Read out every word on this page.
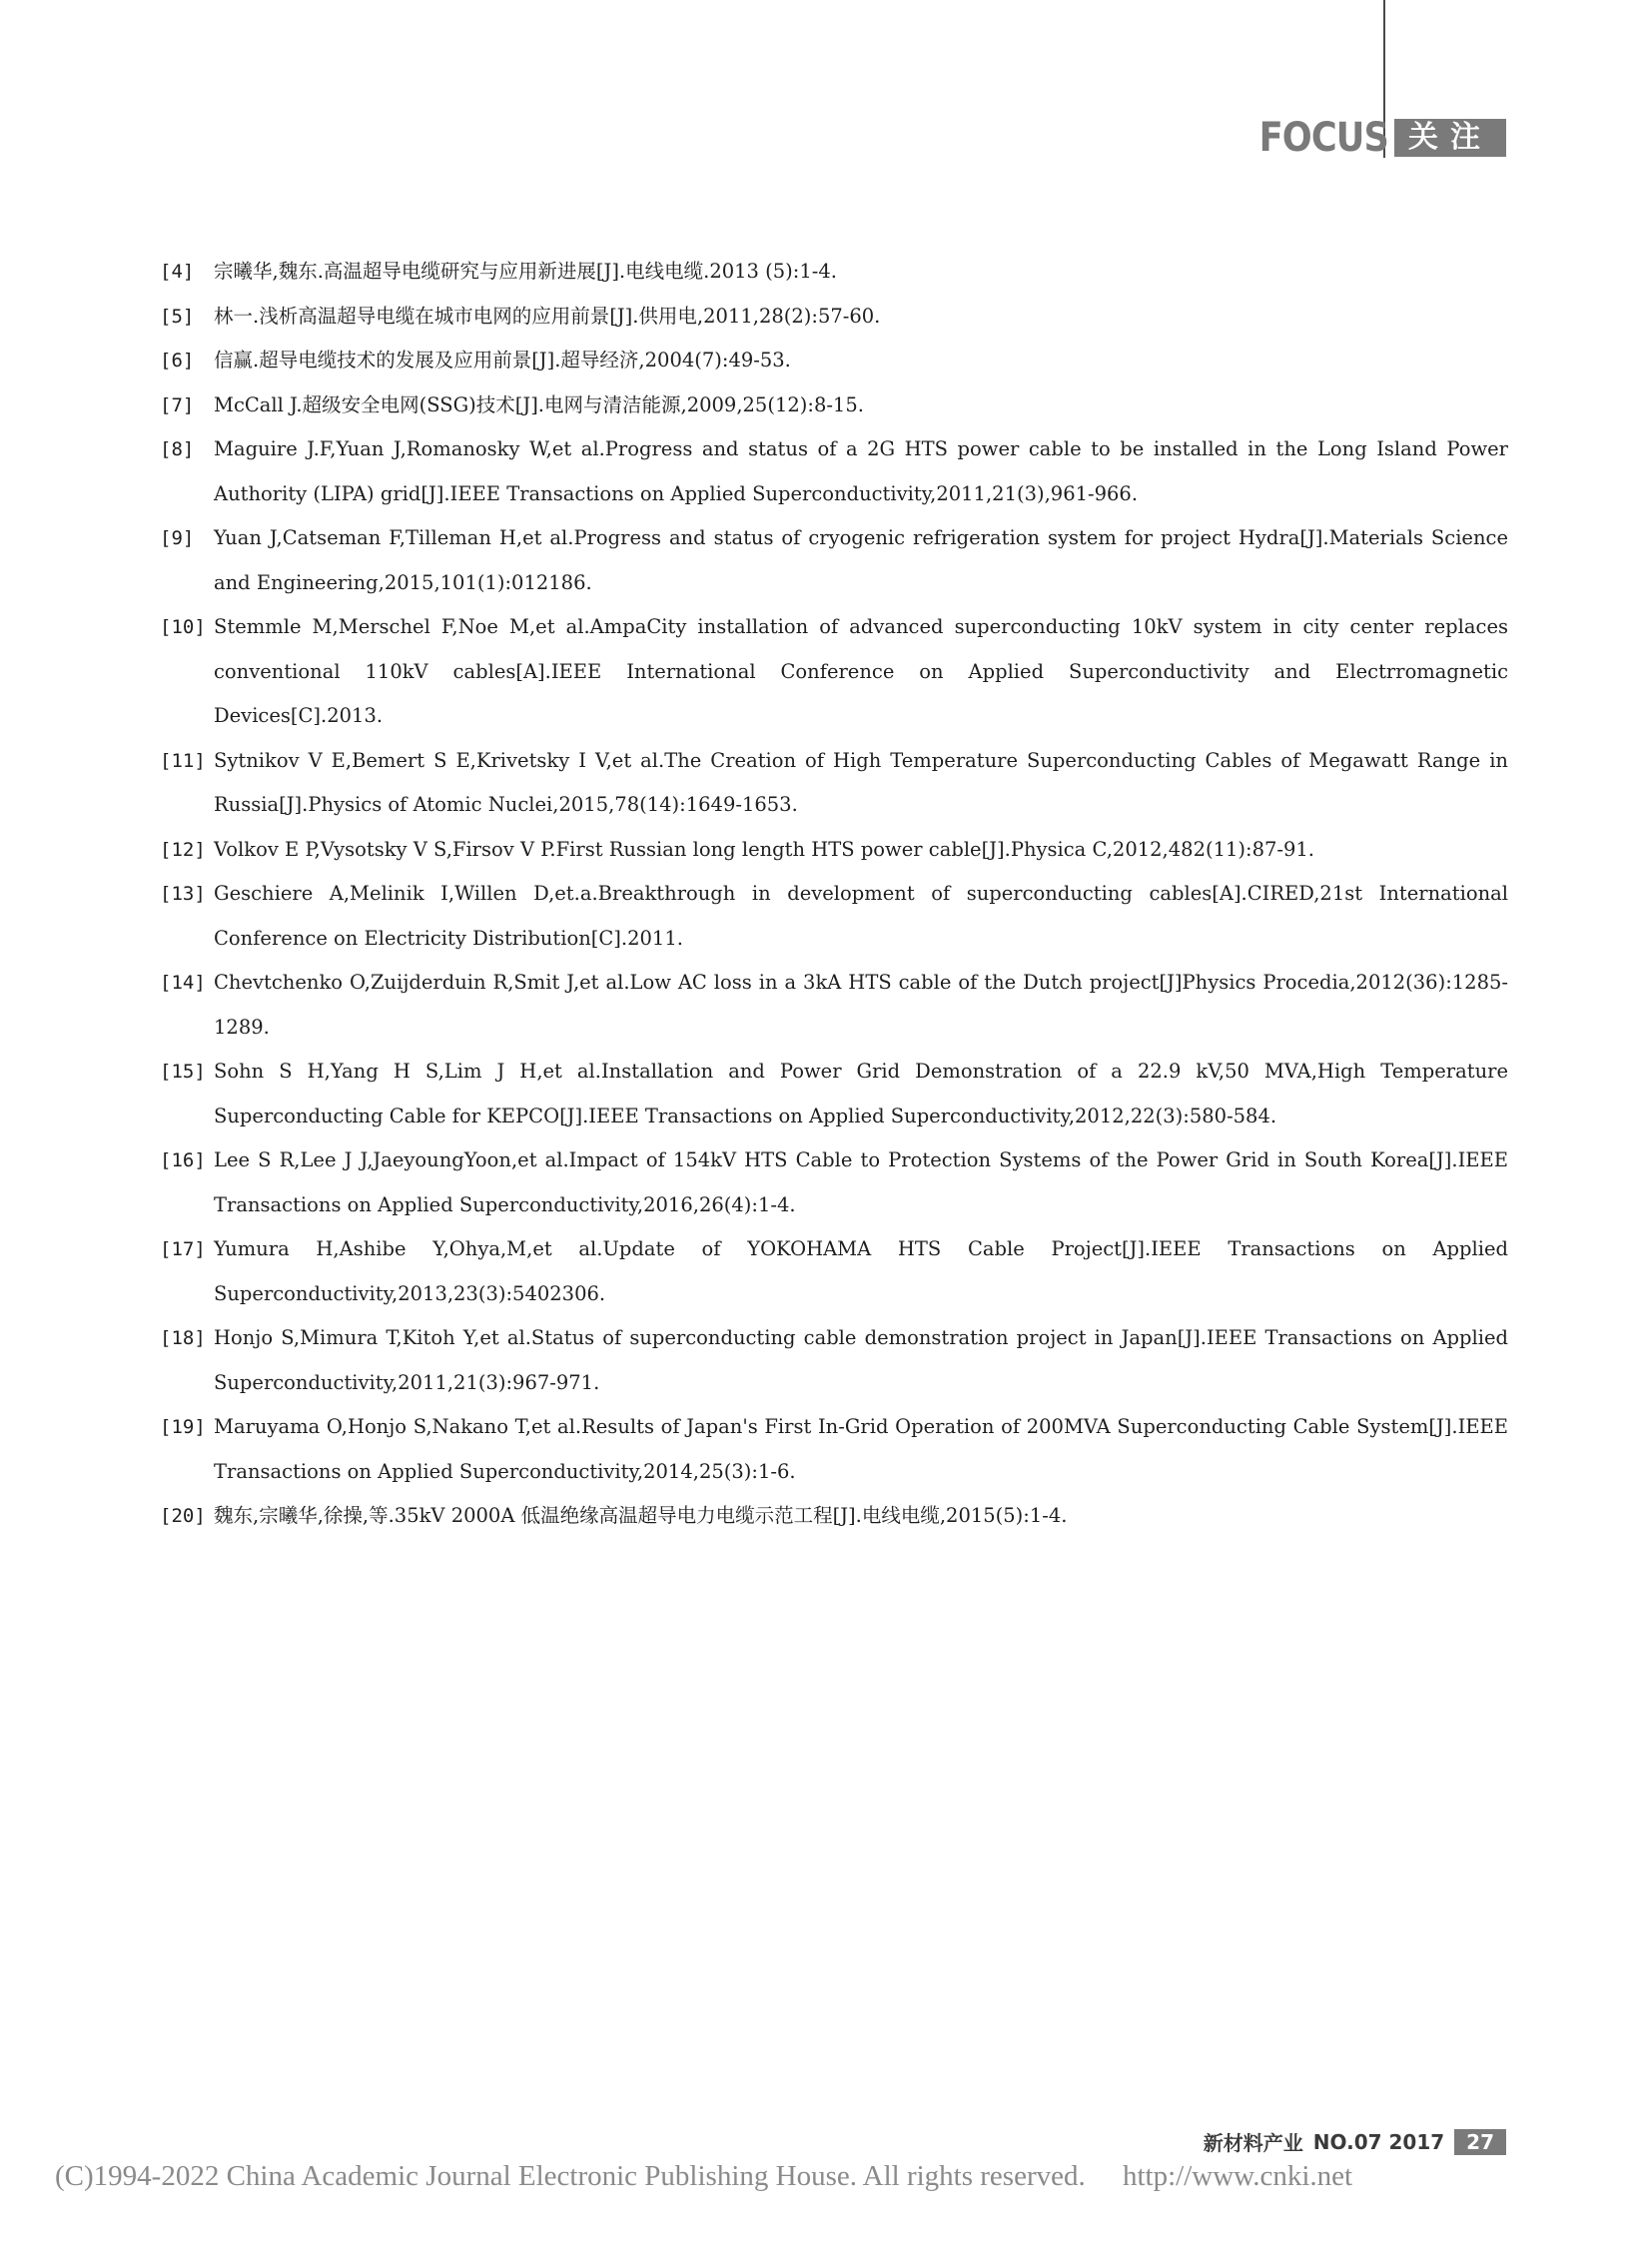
FOCUS 关注
[4] 宗曦华,魏东.高温超导电缆研究与应用新进展[J].电线电缆.2013 (5):1-4.
[5] 林一.浅析高温超导电缆在城市电网的应用前景[J].供用电,2011,28(2):57-60.
[6] 信赢.超导电缆技术的发展及应用前景[J].超导经济,2004(7):49-53.
[7] McCall J.超级安全电网(SSG)技术[J].电网与清洁能源,2009,25(12):8-15.
[8] Maguire J.F,Yuan J,Romanosky W,et al.Progress and status of a 2G HTS power cable to be installed in the Long Island Power Authority (LIPA) grid[J].IEEE Transactions on Applied Superconductivity,2011,21(3),961-966.
[9] Yuan J,Catseman F,Tilleman H,et al.Progress and status of cryogenic refrigeration system for project Hydra[J].Materials Science and Engineering,2015,101(1):012186.
[10] Stemmle M,Merschel F,Noe M,et al.AmpaCity installation of advanced superconducting 10kV system in city center replaces conventional 110kV cables[A].IEEE International Conference on Applied Superconductivity and Electrromagnetic Devices[C].2013.
[11] Sytnikov V E,Bemert S E,Krivetsky I V,et al.The Creation of High Temperature Superconducting Cables of Megawatt Range in Russia[J].Physics of Atomic Nuclei,2015,78(14):1649-1653.
[12] Volkov E P,Vysotsky V S,Firsov V P.First Russian long length HTS power cable[J].Physica C,2012,482(11):87-91.
[13] Geschiere A,Melinik I,Willen D,et.a.Breakthrough in development of superconducting cables[A].CIRED,21st International Conference on Electricity Distribution[C].2011.
[14] Chevtchenko O,Zuijderduin R,Smit J,et al.Low AC loss in a 3kA HTS cable of the Dutch project[J]Physics Procedia,2012(36):1285-1289.
[15] Sohn S H,Yang H S,Lim J H,et al.Installation and Power Grid Demonstration of a 22.9 kV,50 MVA,High Temperature Superconducting Cable for KEPCO[J].IEEE Transactions on Applied Superconductivity,2012,22(3):580-584.
[16] Lee S R,Lee J J,JaeyoungYoon,et al.Impact of 154kV HTS Cable to Protection Systems of the Power Grid in South Korea[J].IEEE Transactions on Applied Superconductivity,2016,26(4):1-4.
[17] Yumura H,Ashibe Y,Ohya,M,et al.Update of YOKOHAMA HTS Cable Project[J].IEEE Transactions on Applied Superconductivity,2013,23(3):5402306.
[18] Honjo S,Mimura T,Kitoh Y,et al.Status of superconducting cable demonstration project in Japan[J].IEEE Transactions on Applied Superconductivity,2011,21(3):967-971.
[19] Maruyama O,Honjo S,Nakano T,et al.Results of Japan's First In-Grid Operation of 200MVA Superconducting Cable System[J].IEEE Transactions on Applied Superconductivity,2014,25(3):1-6.
[20] 魏东,宗曦华,徐操,等.35kV 2000A 低温绝缘高温超导电力电缆示范工程[J].电线电缆,2015(5):1-4.
新材料产业 NO.07 2017	27
(C)1994-2022 China Academic Journal Electronic Publishing House. All rights reserved. http://www.cnki.net
